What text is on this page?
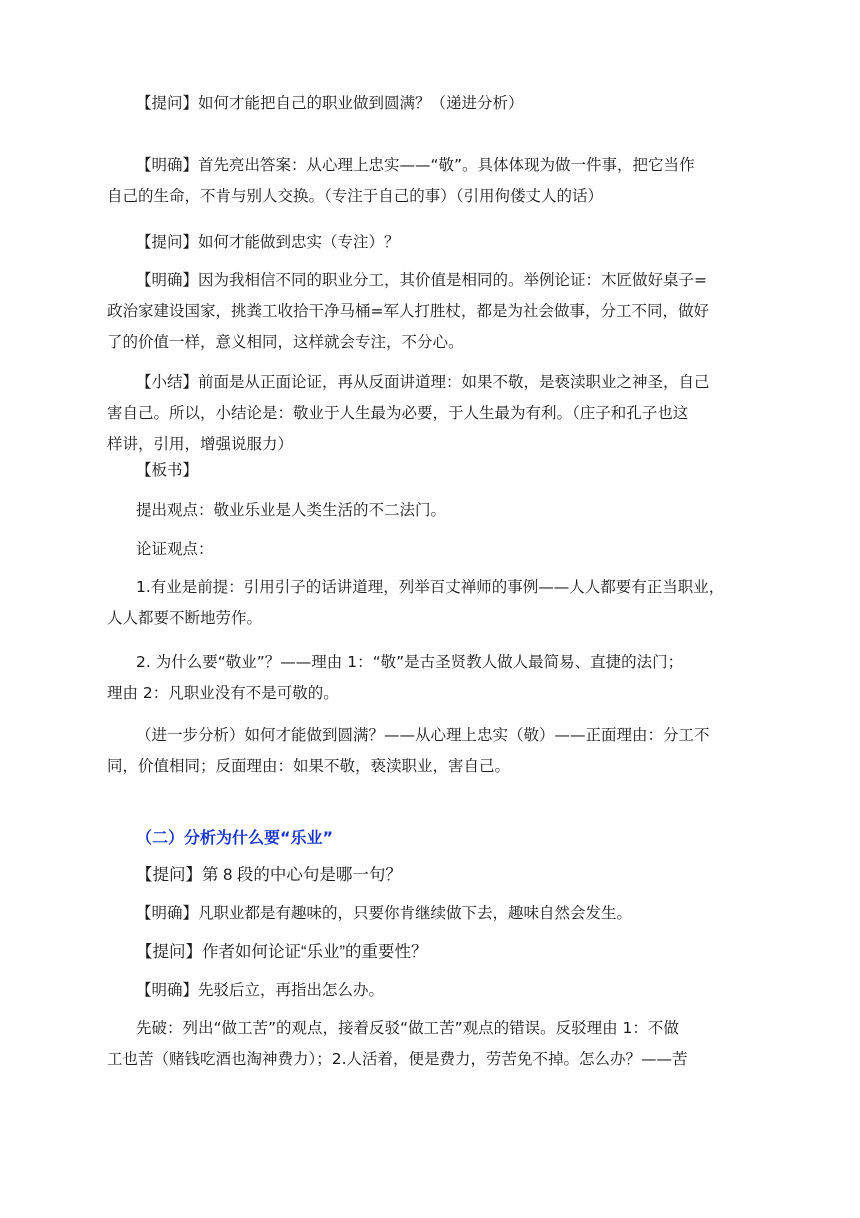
【提问】如何才能把自己的职业做到圆满？（递进分析）

【明确】首先亮出答案：从心理上忠实——“敬”。具体体现为做一件事，把它当作
自己的生命，不肯与别人交换。（专注于自己的事）（引用佝偻丈人的话）

【提问】如何才能做到忠实（专注）？

【明确】因为我相信不同的职业分工，其价值是相同的。举例论证：木匠做好桌子=
政治家建设国家，挑粪工收拾干净马桶=军人打胜杖，都是为社会做事，分工不同，做好
了的价值一样，意义相同，这样就会专注，不分心。

【小结】前面是从正面论证，再从反面讲道理：如果不敬，是亵渎职业之神圣，自己
害自己。所以，小结论是：敬业于人生最为必要，于人生最为有利。（庄子和孔子也这
样讲，引用，增强说服力）

【板书】

提出观点：敬业乐业是人类生活的不二法门。

论证观点：

1.有业是前提：引用引子的话讲道理，列举百丈禅师的事例——人人都要有正当职业，
人人都要不断地劳作。

2. 为什么要“敬业”？——理由 1：“敬”是古圣贤教人做人最简易、直捷的法门；
理由 2：凡职业没有不是可敬的。

（进一步分析）如何才能做到圆满？——从心理上忠实（敬）——正面理由：分工不
同，价值相同；反面理由：如果不敬，亵渎职业，害自己。

（二）分析为什么要“乐业”

【提问】第 8 段的中心句是哪一句？

【明确】凡职业都是有趣味的，只要你肯继续做下去，趣味自然会发生。

【提问】作者如何论证“乐业”的重要性？

【明确】先驳后立，再指出怎么办。

先破：列出“做工苦”的观点，接着反驳“做工苦”观点的错误。反驳理由 1：不做
工也苦（赌钱吃酒也淘神费力）；2.人活着，便是费力，劳苦免不掉。怎么办？——苦
